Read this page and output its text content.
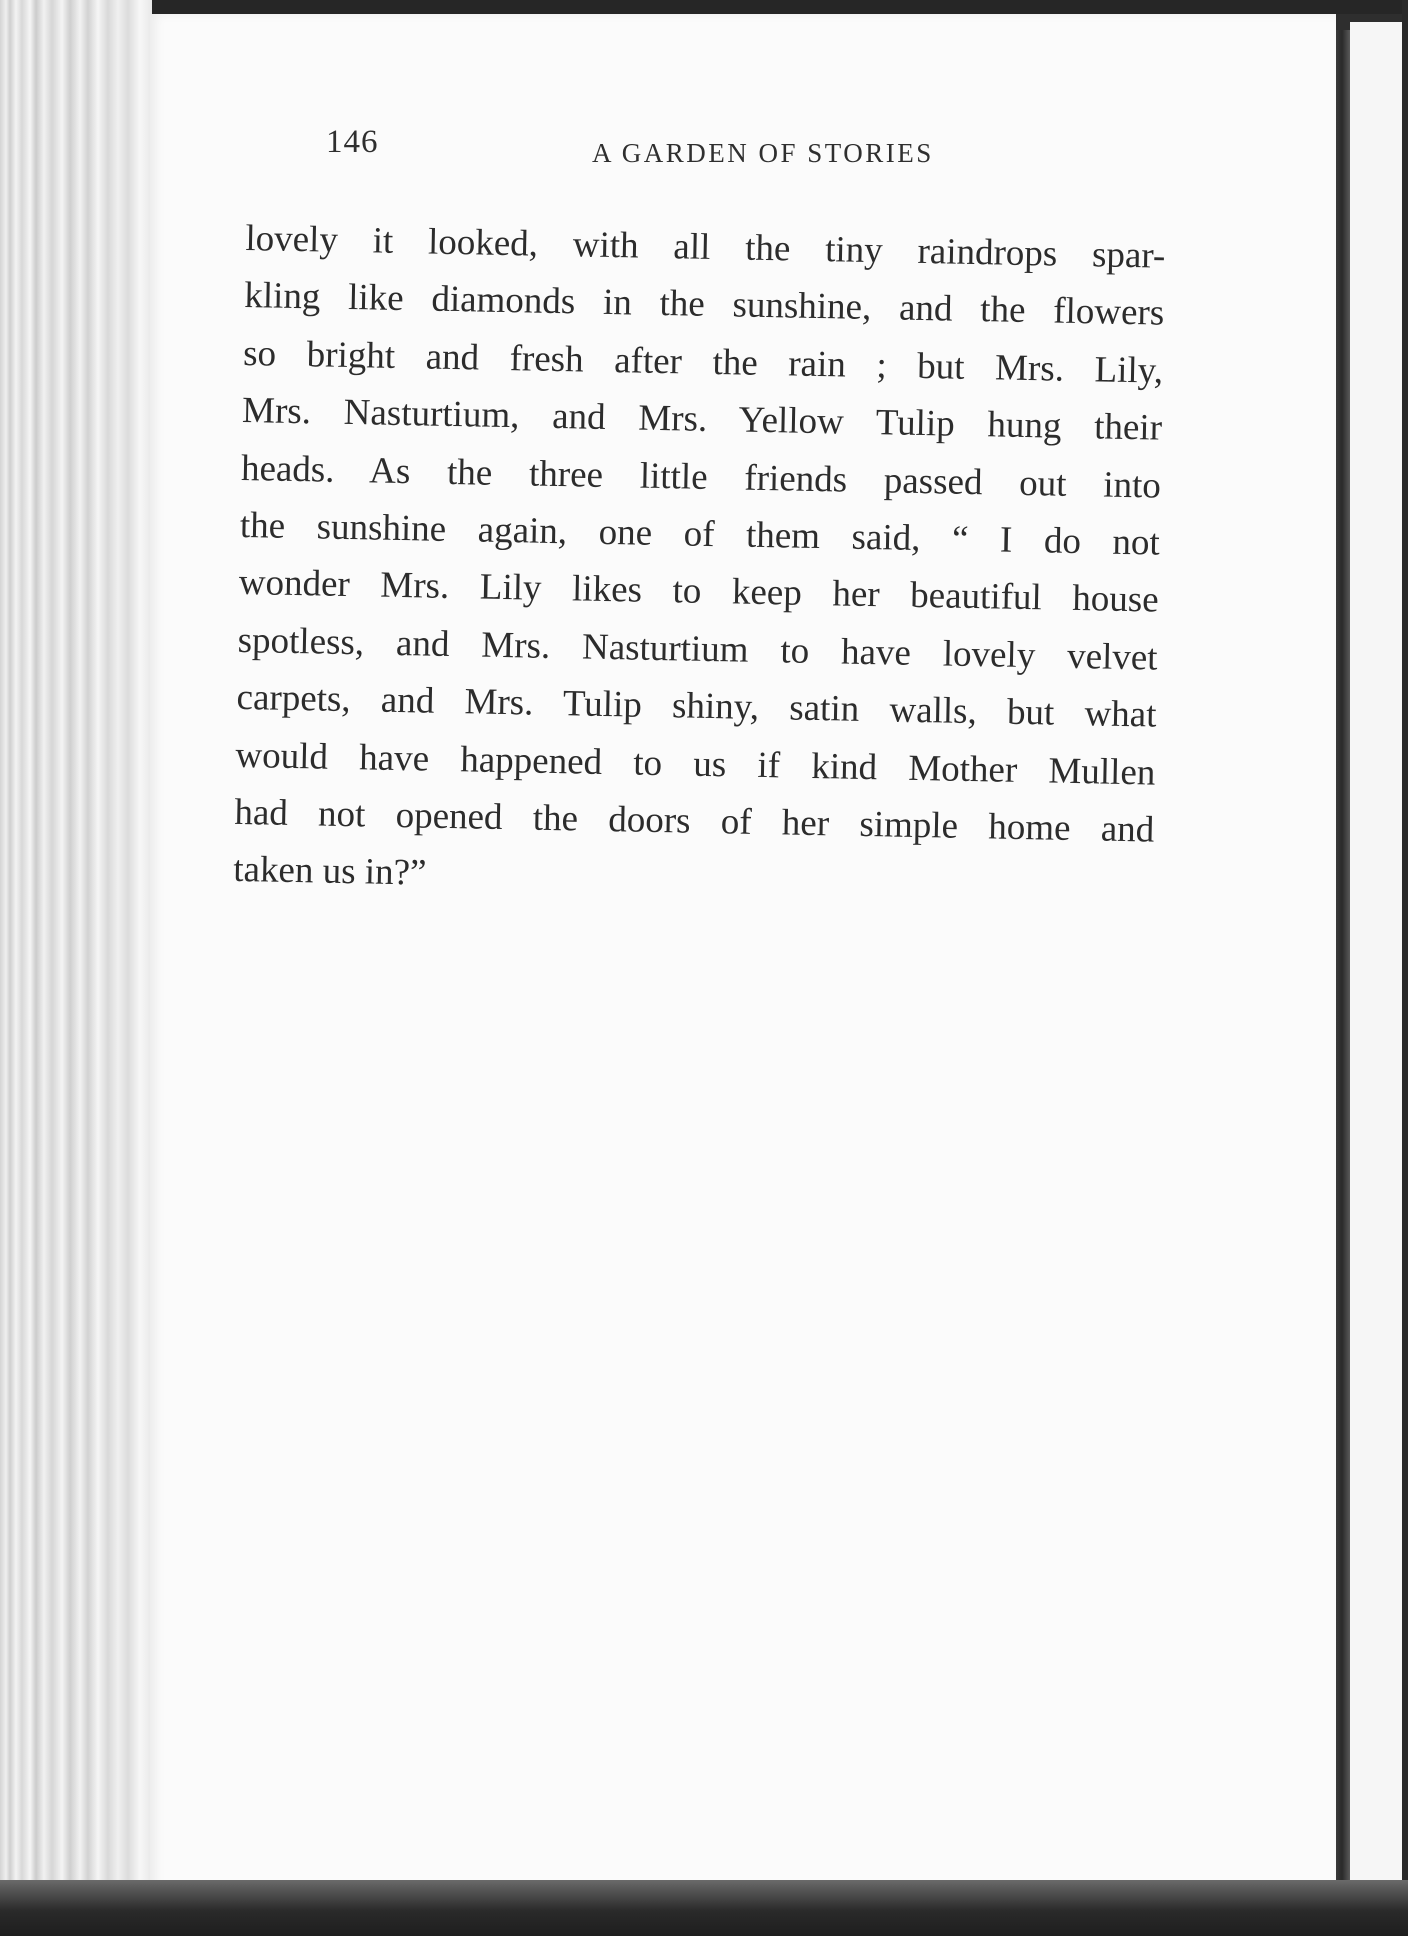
146	A GARDEN OF STORIES
lovely it looked, with all the tiny raindrops spar-
kling like diamonds in the sunshine, and the flowers
so bright and fresh after the rain ; but Mrs. Lily,
Mrs. Nasturtium, and Mrs. Yellow Tulip hung their
heads. As the three little friends passed out into
the sunshine again, one of them said, “ I do not
wonder Mrs. Lily likes to keep her beautiful house
spotless, and Mrs. Nasturtium to have lovely velvet
carpets, and Mrs. Tulip shiny, satin walls, but what
would have happened to us if kind Mother Mullen
had not opened the doors of her simple home and
taken us in?”
